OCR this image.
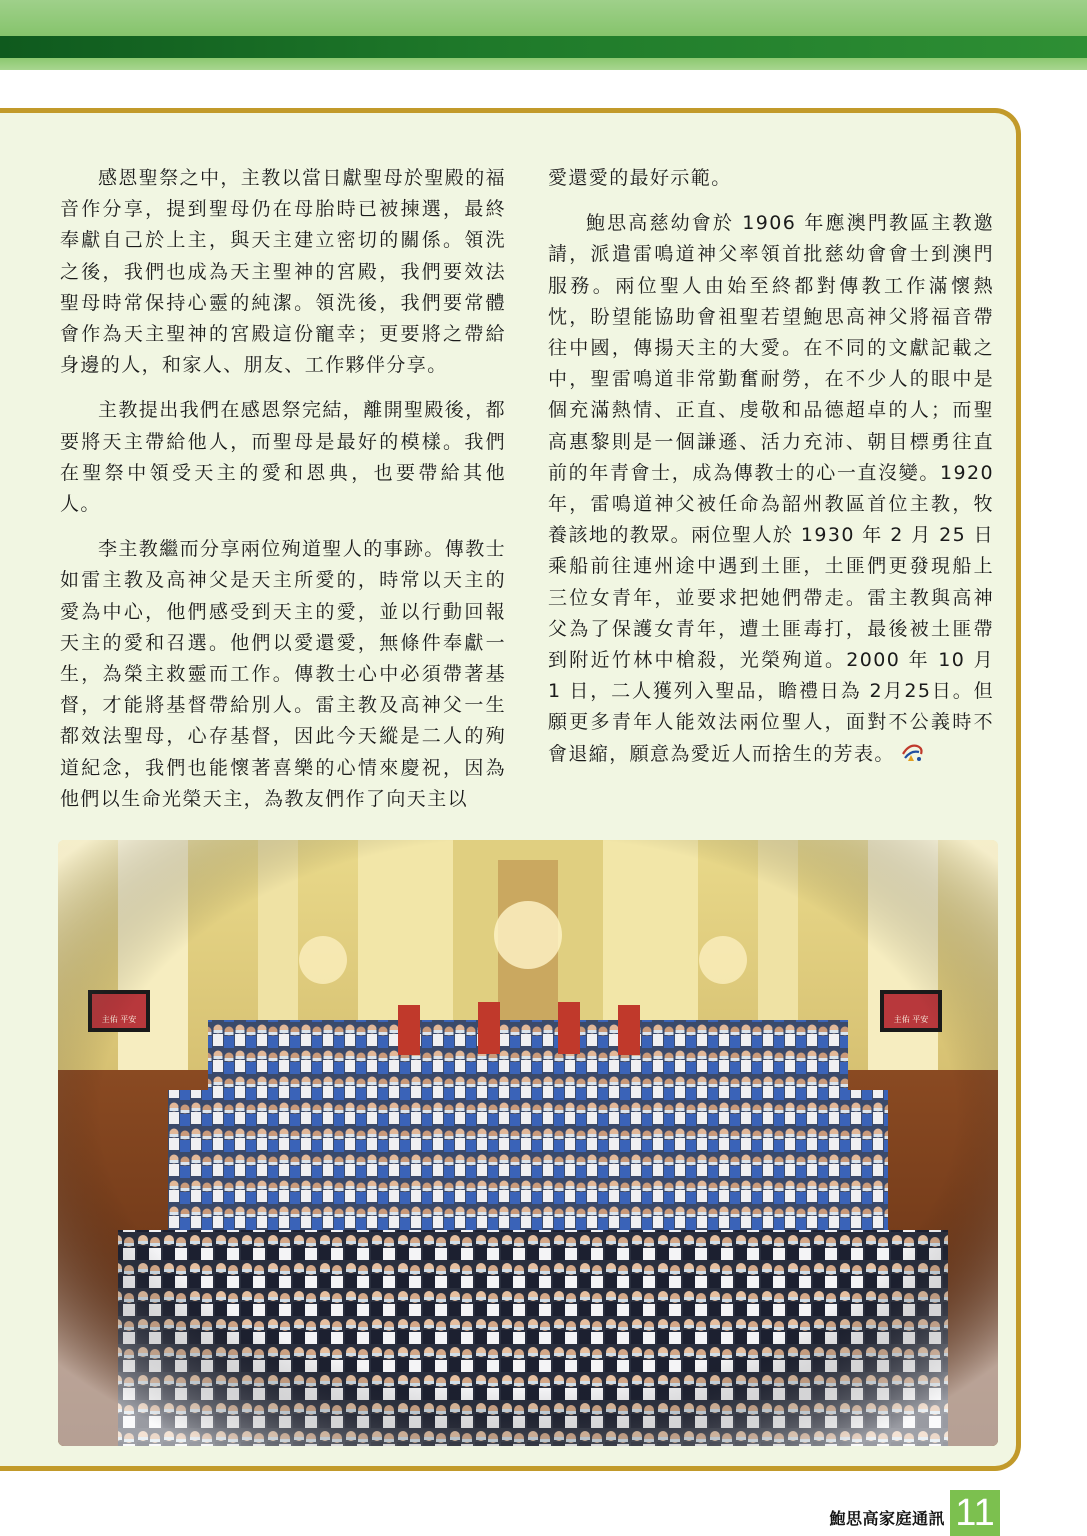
感恩聖祭之中，主教以當日獻聖母於聖殿的福音作分享，提到聖母仍在母胎時已被揀選，最終奉獻自己於上主，與天主建立密切的關係。領洗之後，我們也成為天主聖神的宮殿，我們要效法聖母時常保持心靈的純潔。領洗後，我們要常體會作為天主聖神的宮殿這份寵幸；更要將之帶給身邊的人，和家人、朋友、工作夥伴分享。

主教提出我們在感恩祭完結，離開聖殿後，都要將天主帶給他人，而聖母是最好的模樣。我們在聖祭中領受天主的愛和恩典，也要帶給其他人。

李主教繼而分享兩位殉道聖人的事跡。傳教士如雷主教及高神父是天主所愛的，時常以天主的愛為中心，他們感受到天主的愛，並以行動回報天主的愛和召選。他們以愛還愛，無條件奉獻一生，為榮主救靈而工作。傳教士心中必須帶著基督，才能將基督帶給別人。雷主教及高神父一生都效法聖母，心存基督，因此今天縱是二人的殉道紀念，我們也能懷著喜樂的心情來慶祝，因為他們以生命光榮天主，為教友們作了向天主以

愛還愛的最好示範。

鮑思高慈幼會於 1906 年應澳門教區主教邀請，派遣雷鳴道神父率領首批慈幼會會士到澳門服務。兩位聖人由始至終都對傳教工作滿懷熱忱，盼望能協助會祖聖若望鮑思高神父將福音帶往中國，傳揚天主的大愛。在不同的文獻記載之中，聖雷鳴道非常勤奮耐勞，在不少人的眼中是個充滿熱情、正直、虔敬和品德超卓的人；而聖高惠黎則是一個謙遜、活力充沛、朝目標勇往直前的年青會士，成為傳教士的心一直沒變。1920 年，雷鳴道神父被任命為韶州教區首位主教，牧養該地的教眾。兩位聖人於 1930 年 2 月 25 日乘船前往連州途中遇到土匪，土匪們更發現船上三位女青年，並要求把她們帶走。雷主教與高神父為了保護女青年，遭土匪毒打，最後被土匪帶到附近竹林中槍殺，光榮殉道。2000 年 10 月 1 日，二人獲列入聖品，瞻禮日為 2月25日。但願更多青年人能效法兩位聖人，面對不公義時不會退縮，願意為愛近人而捨生的芳表。

鮑思高家庭通訊 11
